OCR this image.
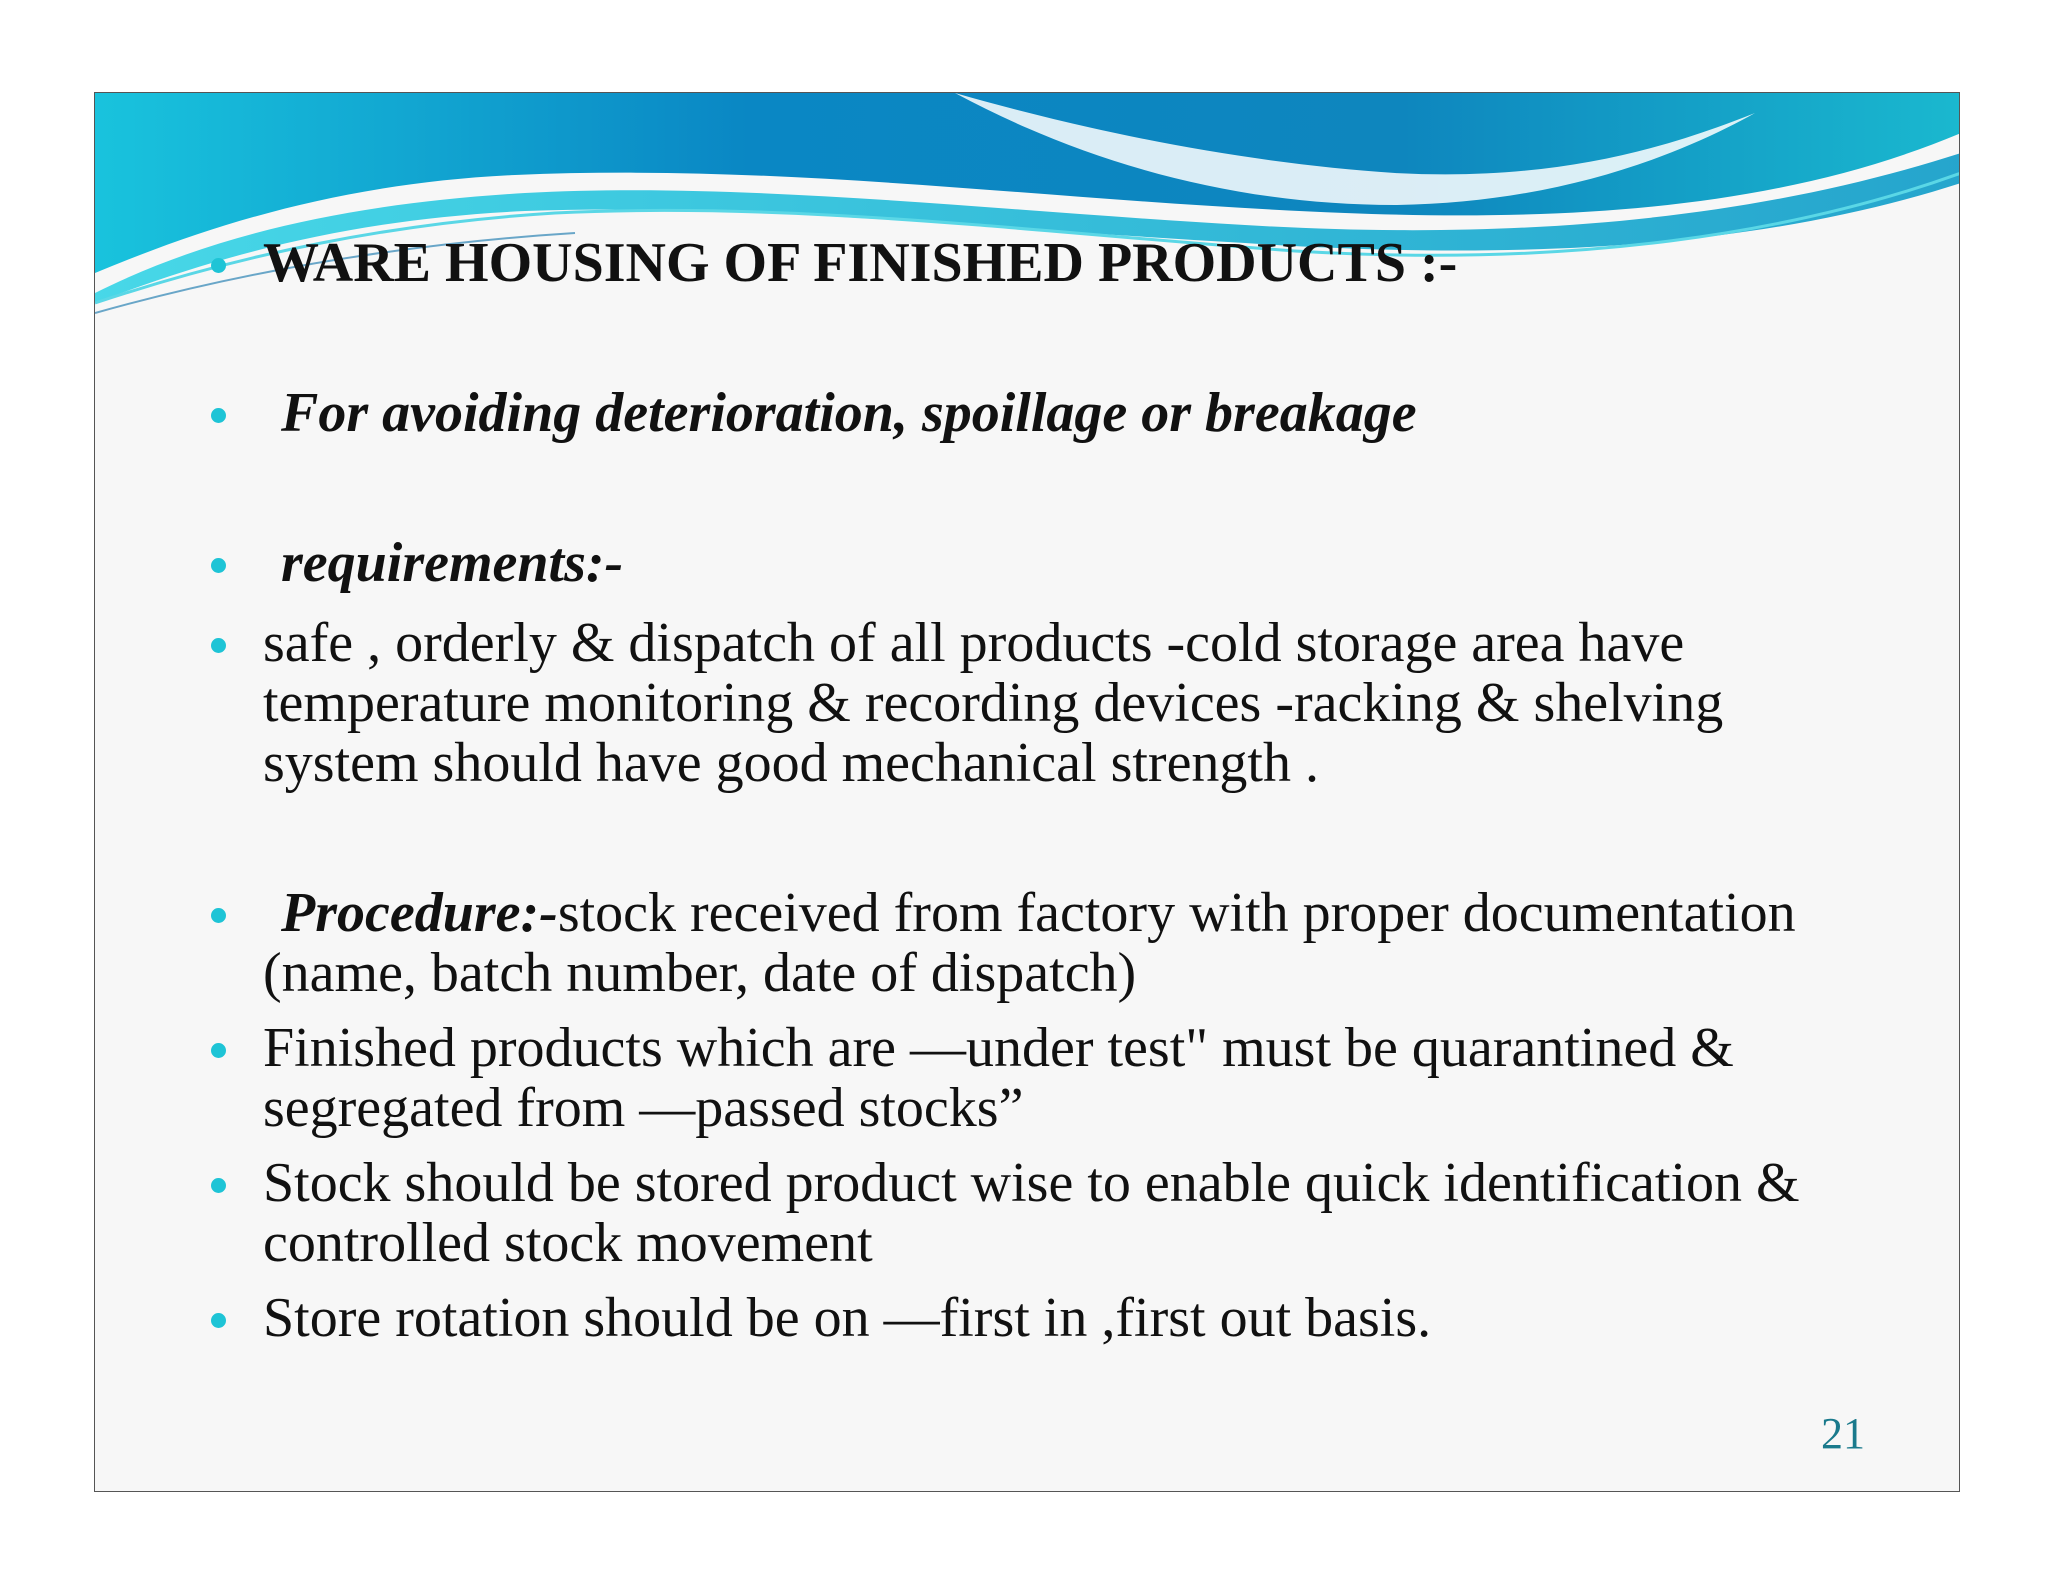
WARE HOUSING OF FINISHED PRODUCTS :-
For avoiding deterioration, spoillage or breakage
requirements:-
safe , orderly & dispatch of all products -cold storage area have temperature monitoring & recording devices -racking & shelving system should have good mechanical strength .
Procedure:-stock received from factory with proper documentation (name, batch number, date of dispatch)
Finished products which are ―under test" must be quarantined & segregated from ―passed stocks”
Stock should be stored product wise to enable quick identification & controlled stock movement
Store rotation should be on ―first in ,first out basis.
21
